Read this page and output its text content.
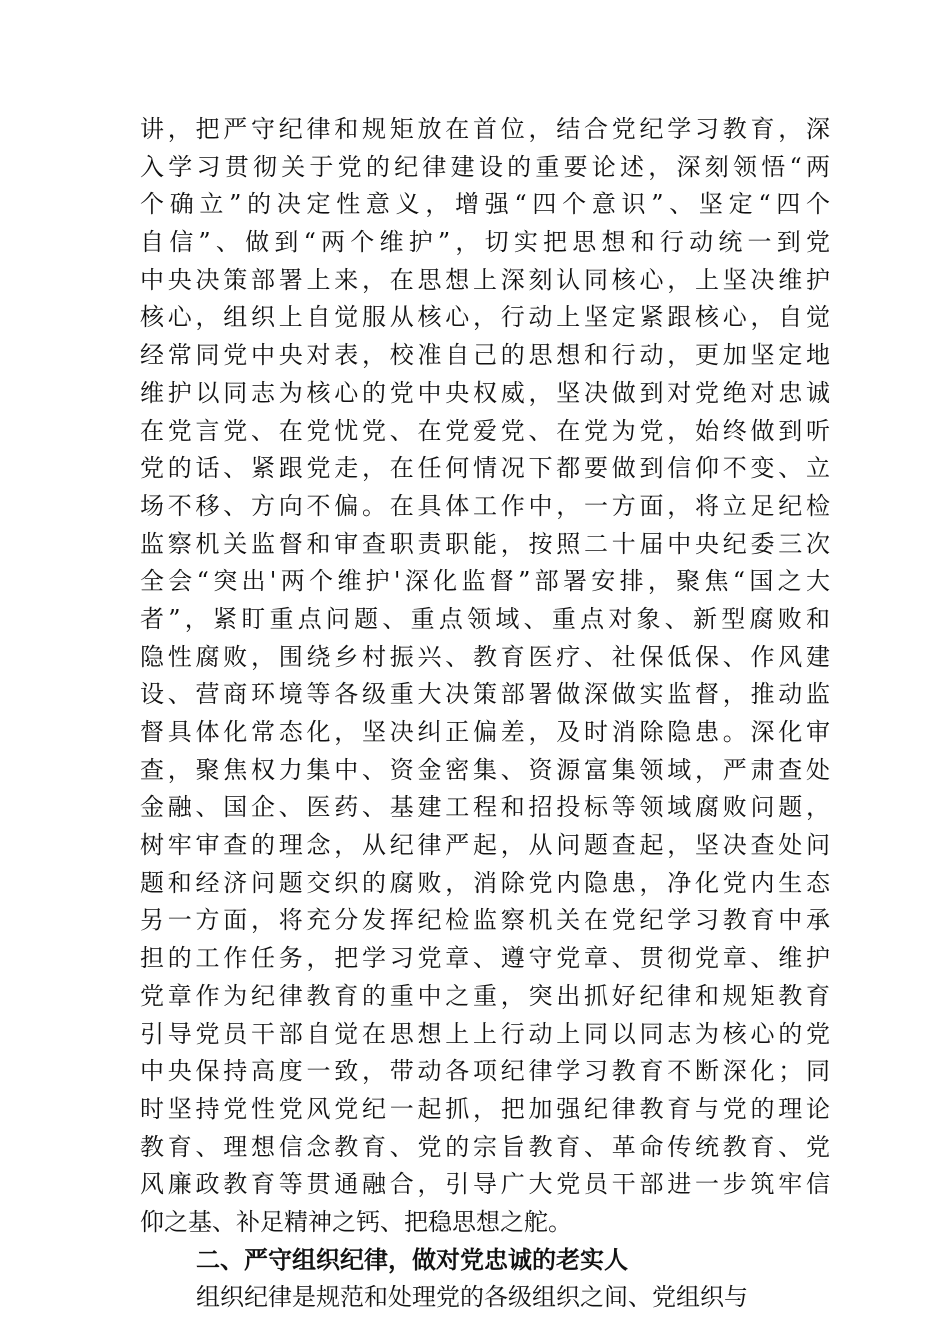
讲，把严守纪律和规矩放在首位，结合党纪学习教育，深
入学习贯彻关于党的纪律建设的重要论述，深刻领悟“两
个确立”的决定性意义，增强“四个意识”、坚定“四个
自信”、做到“两个维护”，切实把思想和行动统一到党
中央决策部署上来，在思想上深刻认同核心，上坚决维护
核心，组织上自觉服从核心，行动上坚定紧跟核心，自觉
经常同党中央对表，校准自己的思想和行动，更加坚定地
维护以同志为核心的党中央权威，坚决做到对党绝对忠诚
在党言党、在党忧党、在党爱党、在党为党，始终做到听
党的话、紧跟党走，在任何情况下都要做到信仰不变、立
场不移、方向不偏。在具体工作中，一方面，将立足纪检
监察机关监督和审查职责职能，按照二十届中央纪委三次
全会“突出'两个维护'深化监督”部署安排，聚焦“国之大
者”，紧盯重点问题、重点领域、重点对象、新型腐败和
隐性腐败，围绕乡村振兴、教育医疗、社保低保、作风建
设、营商环境等各级重大决策部署做深做实监督，推动监
督具体化常态化，坚决纠正偏差，及时消除隐患。深化审
查，聚焦权力集中、资金密集、资源富集领域，严肃查处
金融、国企、医药、基建工程和招投标等领域腐败问题，
树牢审查的理念，从纪律严起，从问题查起，坚决查处问
题和经济问题交织的腐败，消除党内隐患，净化党内生态
另一方面，将充分发挥纪检监察机关在党纪学习教育中承
担的工作任务，把学习党章、遵守党章、贯彻党章、维护
党章作为纪律教育的重中之重，突出抓好纪律和规矩教育
引导党员干部自觉在思想上上行动上同以同志为核心的党
中央保持高度一致，带动各项纪律学习教育不断深化；同
时坚持党性党风党纪一起抓，把加强纪律教育与党的理论
教育、理想信念教育、党的宗旨教育、革命传统教育、党
风廉政教育等贯通融合，引导广大党员干部进一步筑牢信
仰之基、补足精神之钙、把稳思想之舵。
二、严守组织纪律，做对党忠诚的老实人
组织纪律是规范和处理党的各级组织之间、党组织与
